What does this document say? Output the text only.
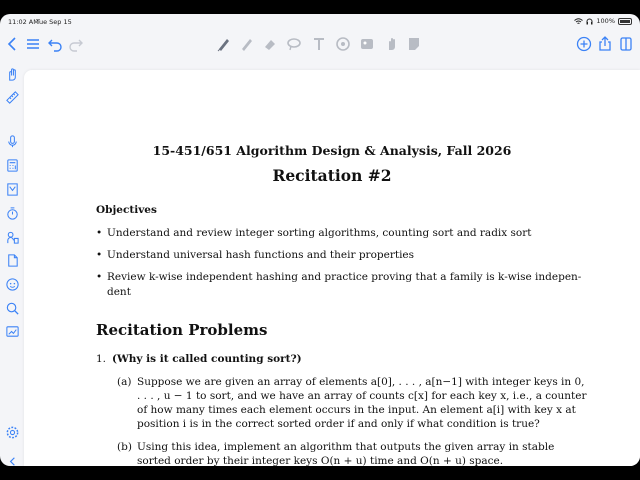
11:02 AM
Tue Sep 15	100%
15-451/651 Algorithm Design & Analysis, Fall 2026
Recitation #2
Objectives
• Understand and review integer sorting algorithms, counting sort and radix sort
• Understand universal hash functions and their properties
• Review k-wise independent hashing and practice proving that a family is k-wise indepen- dent
Recitation Problems
1. (Why is it called counting sort?)
(a) Suppose we are given an array of elements a[0], . . . , a[n−1] with integer keys in 0, . . . , u − 1 to sort, and we have an array of counts c[x] for each key x, i.e., a counter of how many times each element occurs in the input. An element a[i] with key x at position i is in the correct sorted order if and only if what condition is true?
(b) Using this idea, implement an algorithm that outputs the given array in stable sorted order by their integer keys O(n + u) time and O(n + u) space.
